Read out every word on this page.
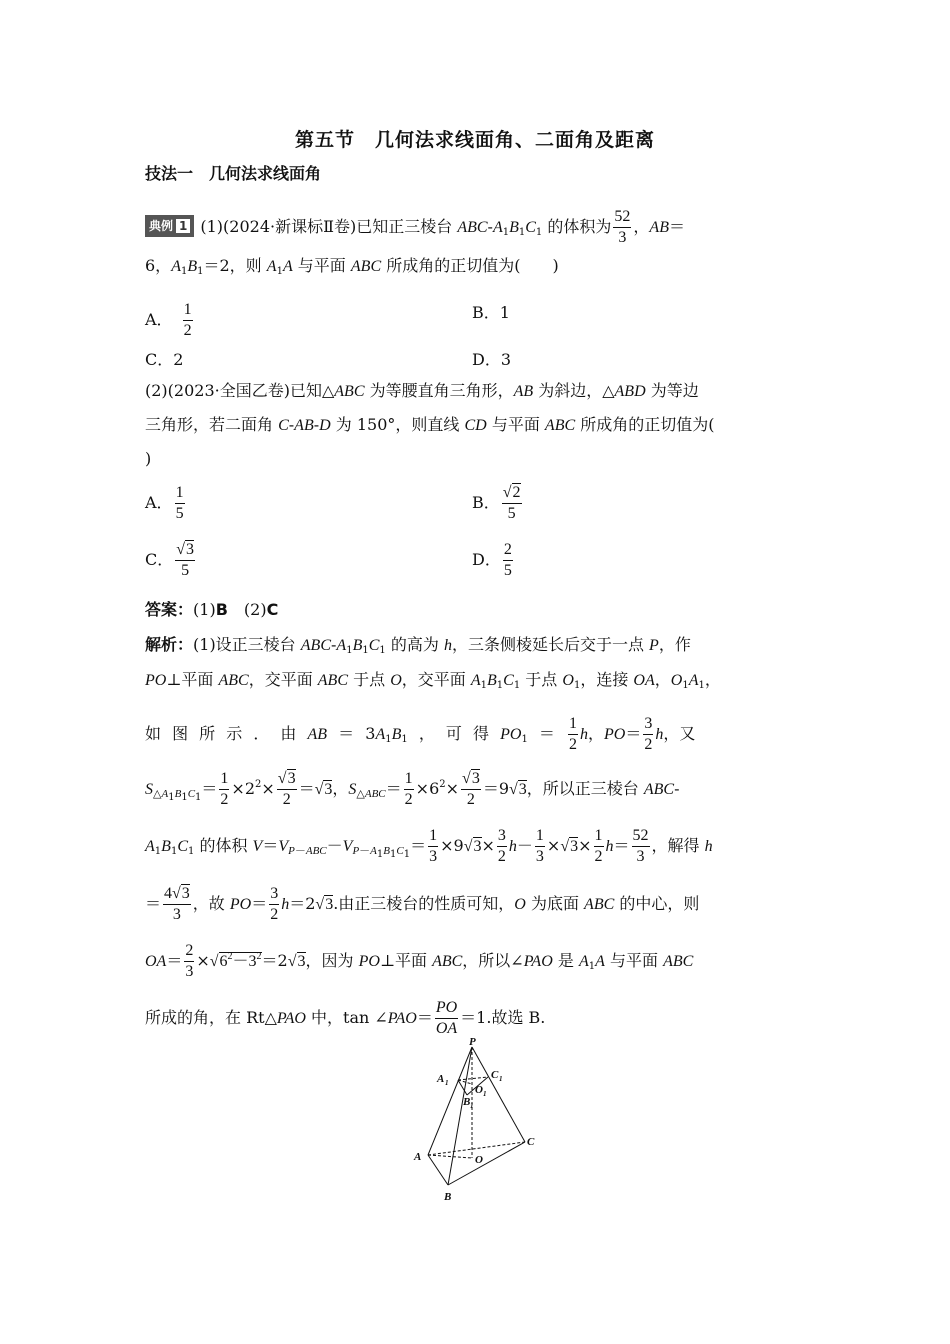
第五节　几何法求线面角、二面角及距离
技法一　几何法求线面角
典例 1 (1)(2024·新课标Ⅱ卷)已知正三棱台 ABC-$A_1B_1C_1$ 的体积为 $\frac{52}{3}$ ，AB＝
6，$A_1B_1=2$，则 $A_1A$ 与平面 ABC 所成角的正切值为(　　)
A． $\frac{1}{2}$	B．1
C．2	D．3
(2)(2023·全国乙卷)已知△ABC 为等腰直角三角形，AB 为斜边，△ABD 为等边
三角形，若二面角 C-AB-D 为 150°，则直线 CD 与平面 ABC 所成角的正切值为(
)
A． $\frac{1}{5}$	B． $\frac{√2}{5}$
C． $\frac{√3}{5}$	D． $\frac{2}{5}$
答案：(1)B　(2)C
解析：(1)设正三棱台 ABC-$A_1B_1C_1$ 的高为 h，三条侧棱延长后交于一点 P，作
PO⊥平面 ABC，交平面 ABC 于点 O，交平面 $A_1B_1C_1$ 于点 $O_1$，连接 OA，$O_1A_1$，
如 图 所 示 ． 由 AB ＝ $3A_1B_1$ ， 可 得 $PO_1 = \frac{1}{2}$ h，$PO= \frac{3}{2}$ h，又
$S_{\triangle A_1B_1C_1}= \frac{1}{2} \times 2^2\times \frac{√3}{2} =√3$，$S_{\triangle ABC}= \frac{1}{2} \times 6^2\times \frac{√3}{2} =9√3$，所以正三棱台 ABC-
$A_1B_1C_1$ 的体积 $V=V_{P-ABC}-V_{P-A_1B_1C_1}= \frac{1}{3} \times 9√3\times \frac{3}{2} h- \frac{1}{3} \times√3\times \frac{1}{2} h= \frac{52}{3}$ ，解得 h
＝ $\frac{4√3}{3}$ ，故 $PO= \frac{3}{2} h=2√3$.由正三棱台的性质可知，O 为底面 ABC 的中心，则
$OA= \frac{2}{3} \times√6^2-3^2=2√3$，因为 PO⊥平面 ABC，所以∠PAO 是 $A_1A$ 与平面 ABC
所成的角，在 Rt△PAO 中，tan ∠PAO＝ $\frac{PO}{OA} =1$.故选 B.
P
A 1
C 1
O 1
B 1
C
A	O
B
